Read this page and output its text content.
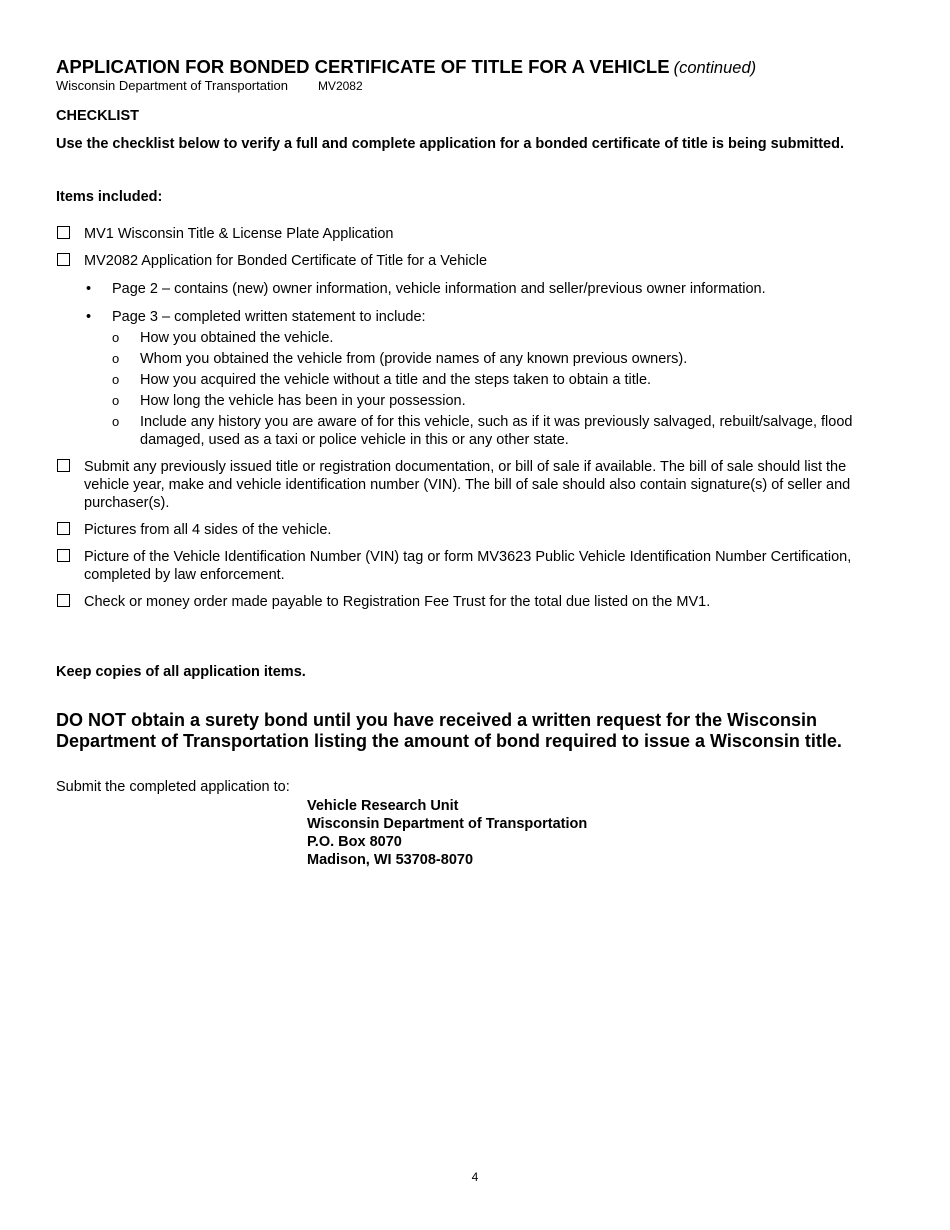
APPLICATION FOR BONDED CERTIFICATE OF TITLE FOR A VEHICLE (continued)
Wisconsin Department of Transportation	MV2082
CHECKLIST
Use the checklist below to verify a full and complete application for a bonded certificate of title is being submitted.
Items included:
MV1 Wisconsin Title & License Plate Application
MV2082 Application for Bonded Certificate of Title for a Vehicle
• Page 2 – contains (new) owner information, vehicle information and seller/previous owner information.
• Page 3 – completed written statement to include:
o How you obtained the vehicle.
o Whom you obtained the vehicle from (provide names of any known previous owners).
o How you acquired the vehicle without a title and the steps taken to obtain a title.
o How long the vehicle has been in your possession.
o Include any history you are aware of for this vehicle, such as if it was previously salvaged, rebuilt/salvage, flood damaged, used as a taxi or police vehicle in this or any other state.
Submit any previously issued title or registration documentation, or bill of sale if available. The bill of sale should list the vehicle year, make and vehicle identification number (VIN). The bill of sale should also contain signature(s) of seller and purchaser(s).
Pictures from all 4 sides of the vehicle.
Picture of the Vehicle Identification Number (VIN) tag or form MV3623 Public Vehicle Identification Number Certification, completed by law enforcement.
Check or money order made payable to Registration Fee Trust for the total due listed on the MV1.
Keep copies of all application items.
DO NOT obtain a surety bond until you have received a written request for the Wisconsin Department of Transportation listing the amount of bond required to issue a Wisconsin title.
Submit the completed application to:
Vehicle Research Unit
Wisconsin Department of Transportation
P.O. Box 8070
Madison, WI 53708-8070
4
